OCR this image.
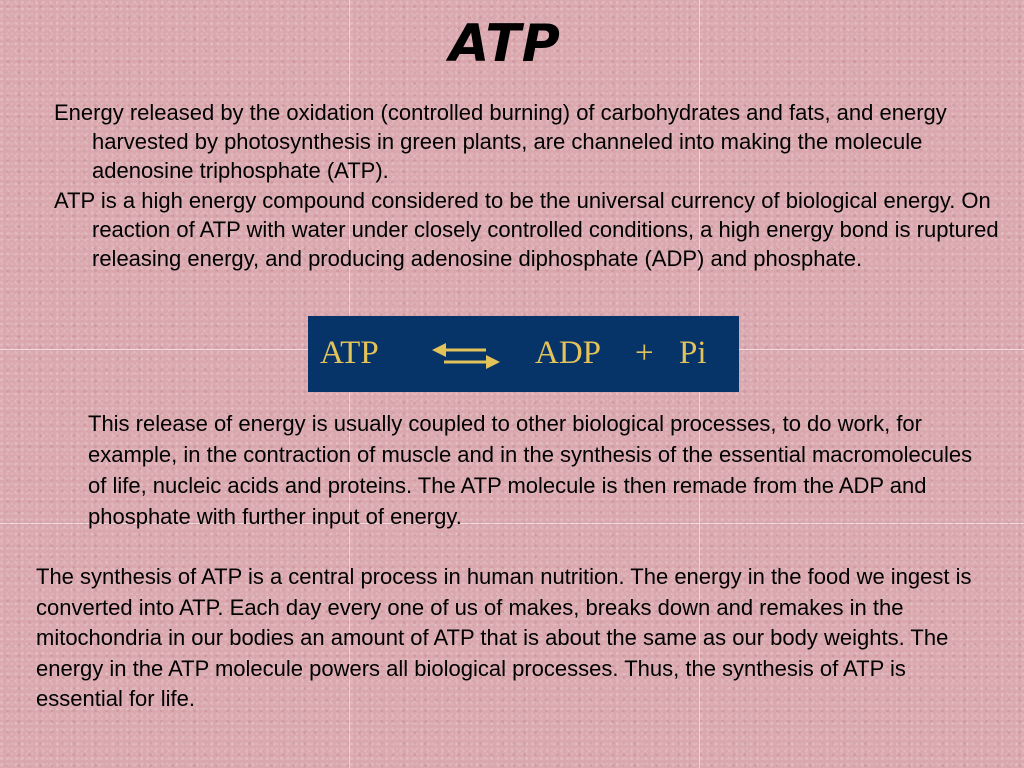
ATP
Energy released by the oxidation (controlled burning) of carbohydrates and fats, and energy harvested by photosynthesis in green plants, are channeled into making the molecule adenosine triphosphate (ATP).
ATP is a high energy compound considered to be the universal currency of biological energy. On reaction of ATP with water under closely controlled conditions, a high energy bond is ruptured releasing energy, and producing adenosine diphosphate (ADP) and phosphate.
ATP ⇌ ADP + Pi
This release of energy is usually coupled to other biological processes, to do work, for example, in the contraction of muscle and in the synthesis of the essential macromolecules of life, nucleic acids and proteins. The ATP molecule is then remade from the ADP and phosphate with further input of energy.
The synthesis of ATP is a central process in human nutrition. The energy in the food we ingest is converted into ATP. Each day every one of us of makes, breaks down and remakes in the mitochondria in our bodies an amount of ATP that is about the same as our body weights. The energy in the ATP molecule powers all biological processes. Thus, the synthesis of ATP is essential for life.
